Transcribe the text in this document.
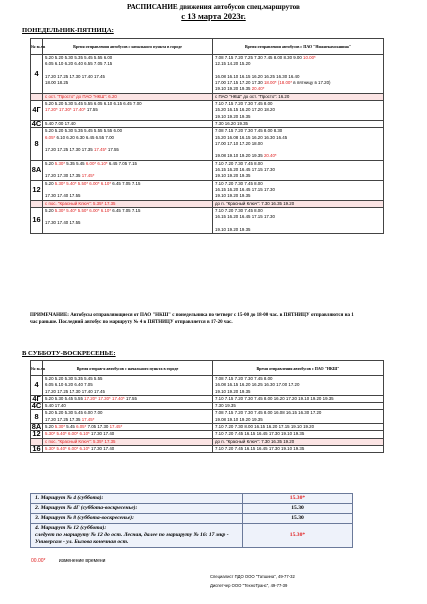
РАСПИСАНИЕ движения автобусов спец.маршрутов
с 13 марта 2023г.
ПОНЕДЕЛЬНИК-ПЯТНИЦА:
№ м-та	Время отправления автобусов с начального пункта в городе	Время отправления автобусов с ПАО "Нижнекамскшина"
4	5.20 5.20 5.30 5.35 5.45 5.55 6.00
6.05 6.10 6.20 6.40 6.55 7.05 7.15
17.20 17.25 17.30 17.40 17.45
18.00 18.25	7.08 7.15 7.20 7.25 7.30 7.45 8.00 8.30 9.00 10.00*
12.15 14.20 15.20
16.08 16.10 16.15 16.20 16.25 16.30 16.40
17.00 17.15 17.20 17.30 18.00* (18.00* в пятницу в 17.20)
19.10 19.20 19.35 20.40*

	с ост. "Просто" до ПАО "НКШ": 6.20	с ПАО "НКШ" до ост. "Просто": 16.20

4Г	5.20 5.20 5.30 5.45 5.55 6.05 6.10 6.15 6.45 7.00
17.20* 17.30* 17.40* 17.55	7.10 7.15 7.20 7.30 7.45 8.00
15.20 16.15 16.20 17.20 18.20
19.10 19.20 19.35

4С	5.40 7.00 17.40	7.30 16.20 19.35

8	5.20 5.20 5.30 5.35 5.45 5.55 5.55 6.00
6.05* 6.10 6.20 6.30 6.45 6.55 7.00
17.20 17.25 17.30 17.35 17.45* 17.55	7.08 7.15 7.20 7.30 7.45 8.00 8.30
15.20 16.08 16.15 16.20 16.30 16.45
17.00 17.10 17.20 18.00
19.08 19.10 19.20 19.35 20.40*

8А	5.20 5.30* 5.35 5.45 6.00* 6.10* 6.45 7.05 7.15
17.20 17.30 17.35 17.45*	7.10 7.20 7.30 7.45 8.00
16.15 16.20 16.45 17.15 17.30
19.10 19.20 19.35

12	5.20 5.30* 5.40* 5.50* 6.00* 6.10* 6.45 7.05 7.15
17.30 17.40 17.55	7.10 7.20 7.30 7.45 8.00
16.15 16.20 16.45 17.15 17.30
19.10 19.20 19.35

	с пос. "Красный Ключ": 5.35* 17.35	до п. "Красный Ключ": 7.30 16.35 19.20

16	5.20 5.30* 5.40* 5.50* 6.00* 6.10* 6.45 7.05 7.15
17.30 17.40 17.55	7.10 7.20 7.30 7.45 8.00
16.15 16.20 16.45 17.15 17.30
19.10 19.20 19.35
ПРИМЕЧАНИЕ: Автобусы отправляющиеся от ПАО "НКШ" с понедельника по четверг с 15-00 до 18-00 час. в ПЯТНИЦУ отправляются на 1 час раньше. Последний автобус по маршруту № 4 в ПЯТНИЦУ отправляется в 17-20 час.
В СУББОТУ-ВОСКРЕСЕНЬЕ:
№ м-та	Время отправ-я автобусов с начального пункта в городе	Время отправления автобусов с ПАО "НКШ"
4	5.20 5.20 5.30 5.35 5.45 5.55
6.05 6.10 6.20 6.40 7.05
17.20 17.25 17.30 17.40 17.45	7.08 7.15 7.20 7.30 7.45 8.00
16.08 16.15 16.20 16.25 16.30 17.00 17.20
19.10 19.20 19.35

4Г	5.20 5.30 5.45 5.55 17.20* 17.30* 17.40* 17.55	7.10 7.15 7.20 7.30 7.45 8.00 16.20 17.20 19.10 19.20 19.35

4С	5.40 17.40	7.30 19.35

8	5.20 5.20 5.30 5.45 6.00 7.00
17.20 17.25 17.35 17.45*	7.08 7.15 7.20 7.30 7.45 8.00 16.08 16.15 16.30 17.20
19.08 19.10 19.20 19.35

8А	5.20 5.30* 5.45 6.05* 7.05 17.30 17.45*	7.10 7.20 7.30 8.00 16.15 16.20 17.15 19.10 19.20

12	5.30* 5.40* 6.00* 6.10* 17.30 17.40	7.10 7.20 7.45 16.15 16.45 17.30 19.10 19.35

	с пос. "Красный Ключ": 5.35* 17.35	до п. "Красный Ключ": 7.30 16.35 19.20

16	5.30* 5.40* 6.00* 6.10* 17.30 17.40	7.10 7.20 7.45 16.15 16.45 17.30 19.10 19.35
1. Маршрут № 4 (суббота):	15.30*
2. Маршрут № 4Г (суббота-воскресенье):	15.30
3. Маршрут № 8 (суббота-воскресенье):	15.30
4. Маршрут № 12 (суббота):
следует по маршруту № 12 до ост. Лесная, далее по маршруту № 16: 17 мкр - Универсам - ул. Бызова конечная ост.	15.30*
00.00*	изменение времени
Специалист ПДО ООО "Татшина", 49-77-32
Диспетчер ООО "ТехноТранс", 49-77-39
